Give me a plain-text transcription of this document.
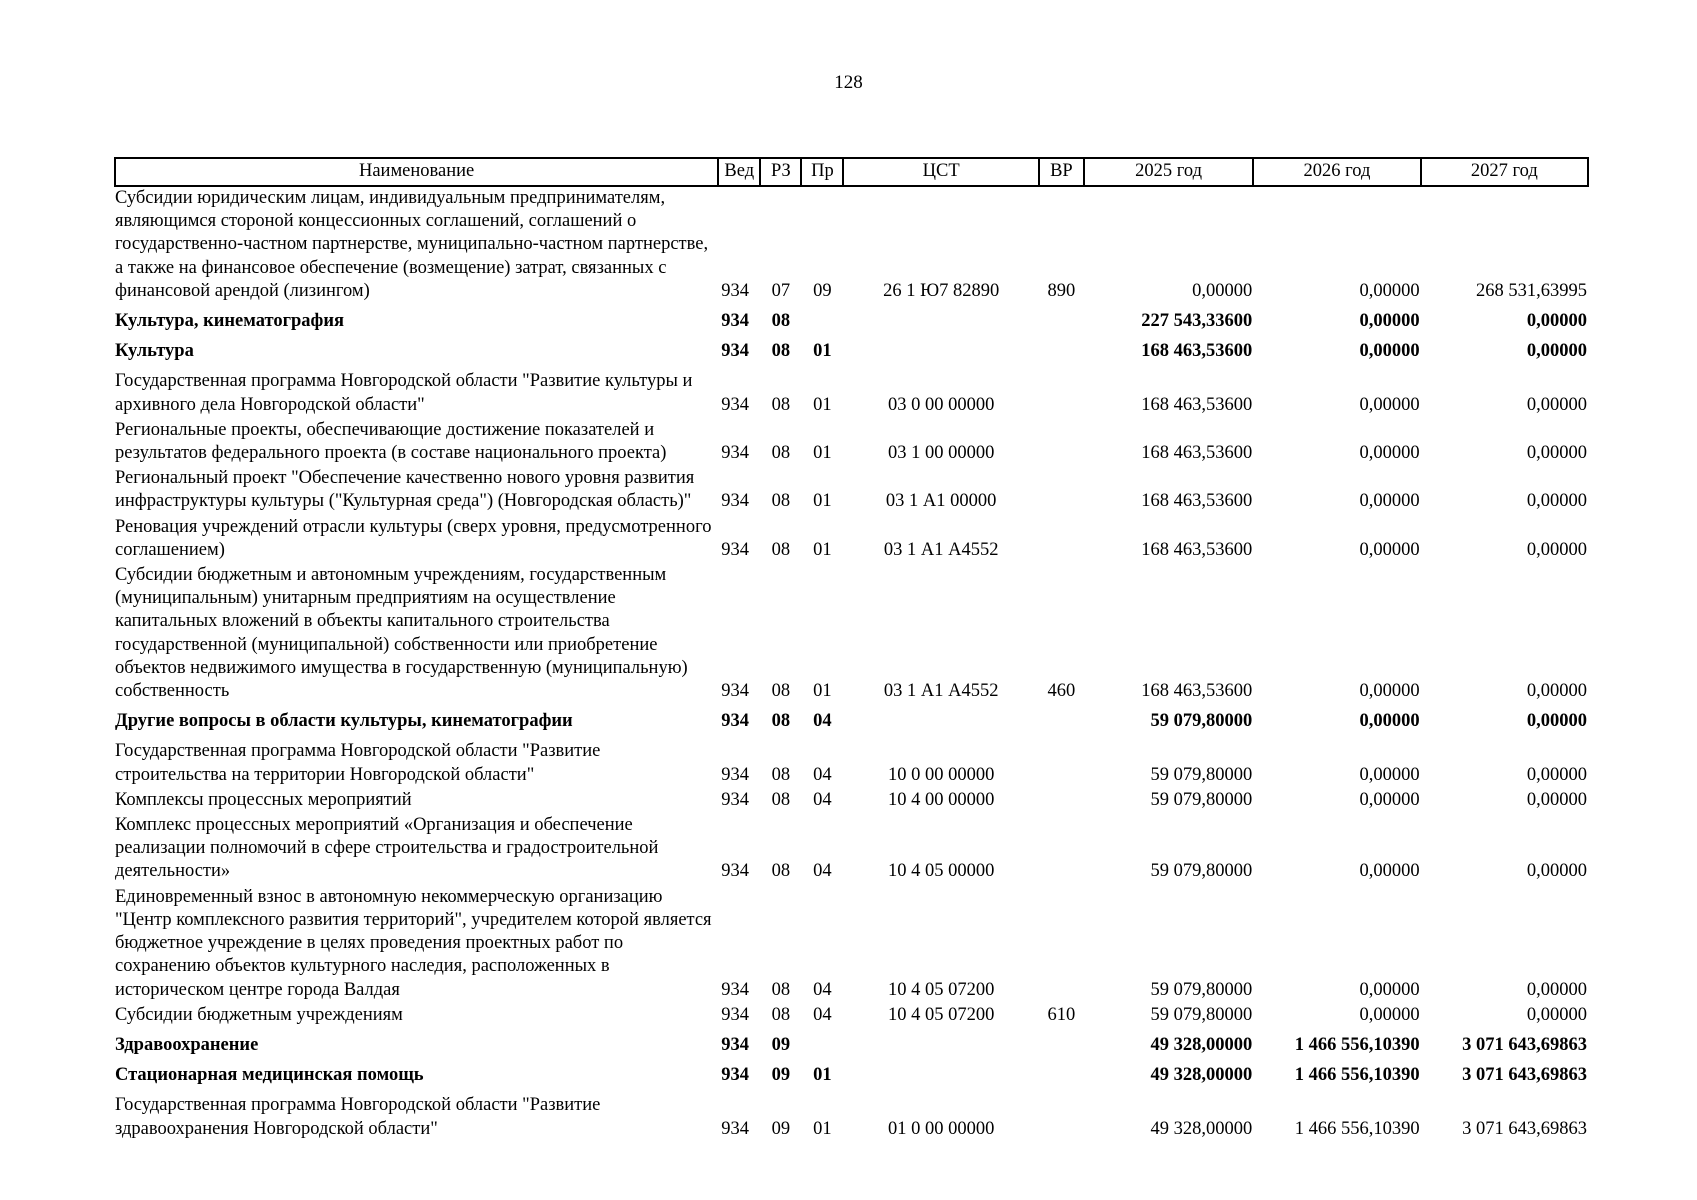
128
Наименование	Вед	РЗ	Пр	ЦСТ	ВР	2025 год	2026 год	2027 год
Субсидии юридическим лицам, индивидуальным предпринимателям, являющимся стороной концессионных соглашений, соглашений о государственно-частном партнерстве, муниципально-частном партнерстве, а также на финансовое обеспечение (возмещение) затрат, связанных с финансовой арендой (лизингом)	934	07	09	26 1 Ю7 82890	890	0,00000	0,00000	268 531,63995
Культура, кинематография	934	08				227 543,33600	0,00000	0,00000
Культура	934	08	01			168 463,53600	0,00000	0,00000
Государственная программа Новгородской области "Развитие культуры и архивного дела Новгородской области"	934	08	01	03 0 00 00000		168 463,53600	0,00000	0,00000
Региональные проекты, обеспечивающие достижение показателей и результатов федерального проекта (в составе национального проекта)	934	08	01	03 1 00 00000		168 463,53600	0,00000	0,00000
Региональный проект "Обеспечение качественно нового уровня развития инфраструктуры культуры ("Культурная среда") (Новгородская область)"	934	08	01	03 1 А1 00000		168 463,53600	0,00000	0,00000
Реновация учреждений отрасли культуры (сверх уровня, предусмотренного соглашением)	934	08	01	03 1 А1 А4552		168 463,53600	0,00000	0,00000
Субсидии бюджетным и автономным учреждениям, государственным (муниципальным) унитарным предприятиям на осуществление капитальных вложений в объекты капитального строительства государственной (муниципальной) собственности или приобретение объектов недвижимого имущества в государственную (муниципальную) собственность	934	08	01	03 1 А1 А4552	460	168 463,53600	0,00000	0,00000
Другие вопросы в области культуры, кинематографии	934	08	04			59 079,80000	0,00000	0,00000
Государственная программа Новгородской области "Развитие строительства на территории Новгородской области"	934	08	04	10 0 00 00000		59 079,80000	0,00000	0,00000
Комплексы процессных мероприятий	934	08	04	10 4 00 00000		59 079,80000	0,00000	0,00000
Комплекс процессных мероприятий «Организация и обеспечение реализации полномочий в сфере строительства и градостроительной деятельности»	934	08	04	10 4 05 00000		59 079,80000	0,00000	0,00000
Единовременный взнос в автономную некоммерческую организацию "Центр комплексного развития территорий", учредителем которой является бюджетное учреждение в целях проведения проектных работ по сохранению объектов культурного наследия, расположенных в историческом центре города Валдая	934	08	04	10 4 05 07200		59 079,80000	0,00000	0,00000
Субсидии бюджетным учреждениям	934	08	04	10 4 05 07200	610	59 079,80000	0,00000	0,00000
Здравоохранение	934	09				49 328,00000	1 466 556,10390	3 071 643,69863
Стационарная медицинская помощь	934	09	01			49 328,00000	1 466 556,10390	3 071 643,69863
Государственная программа Новгородской области "Развитие здравоохранения Новгородской области"	934	09	01	01 0 00 00000		49 328,00000	1 466 556,10390	3 071 643,69863
